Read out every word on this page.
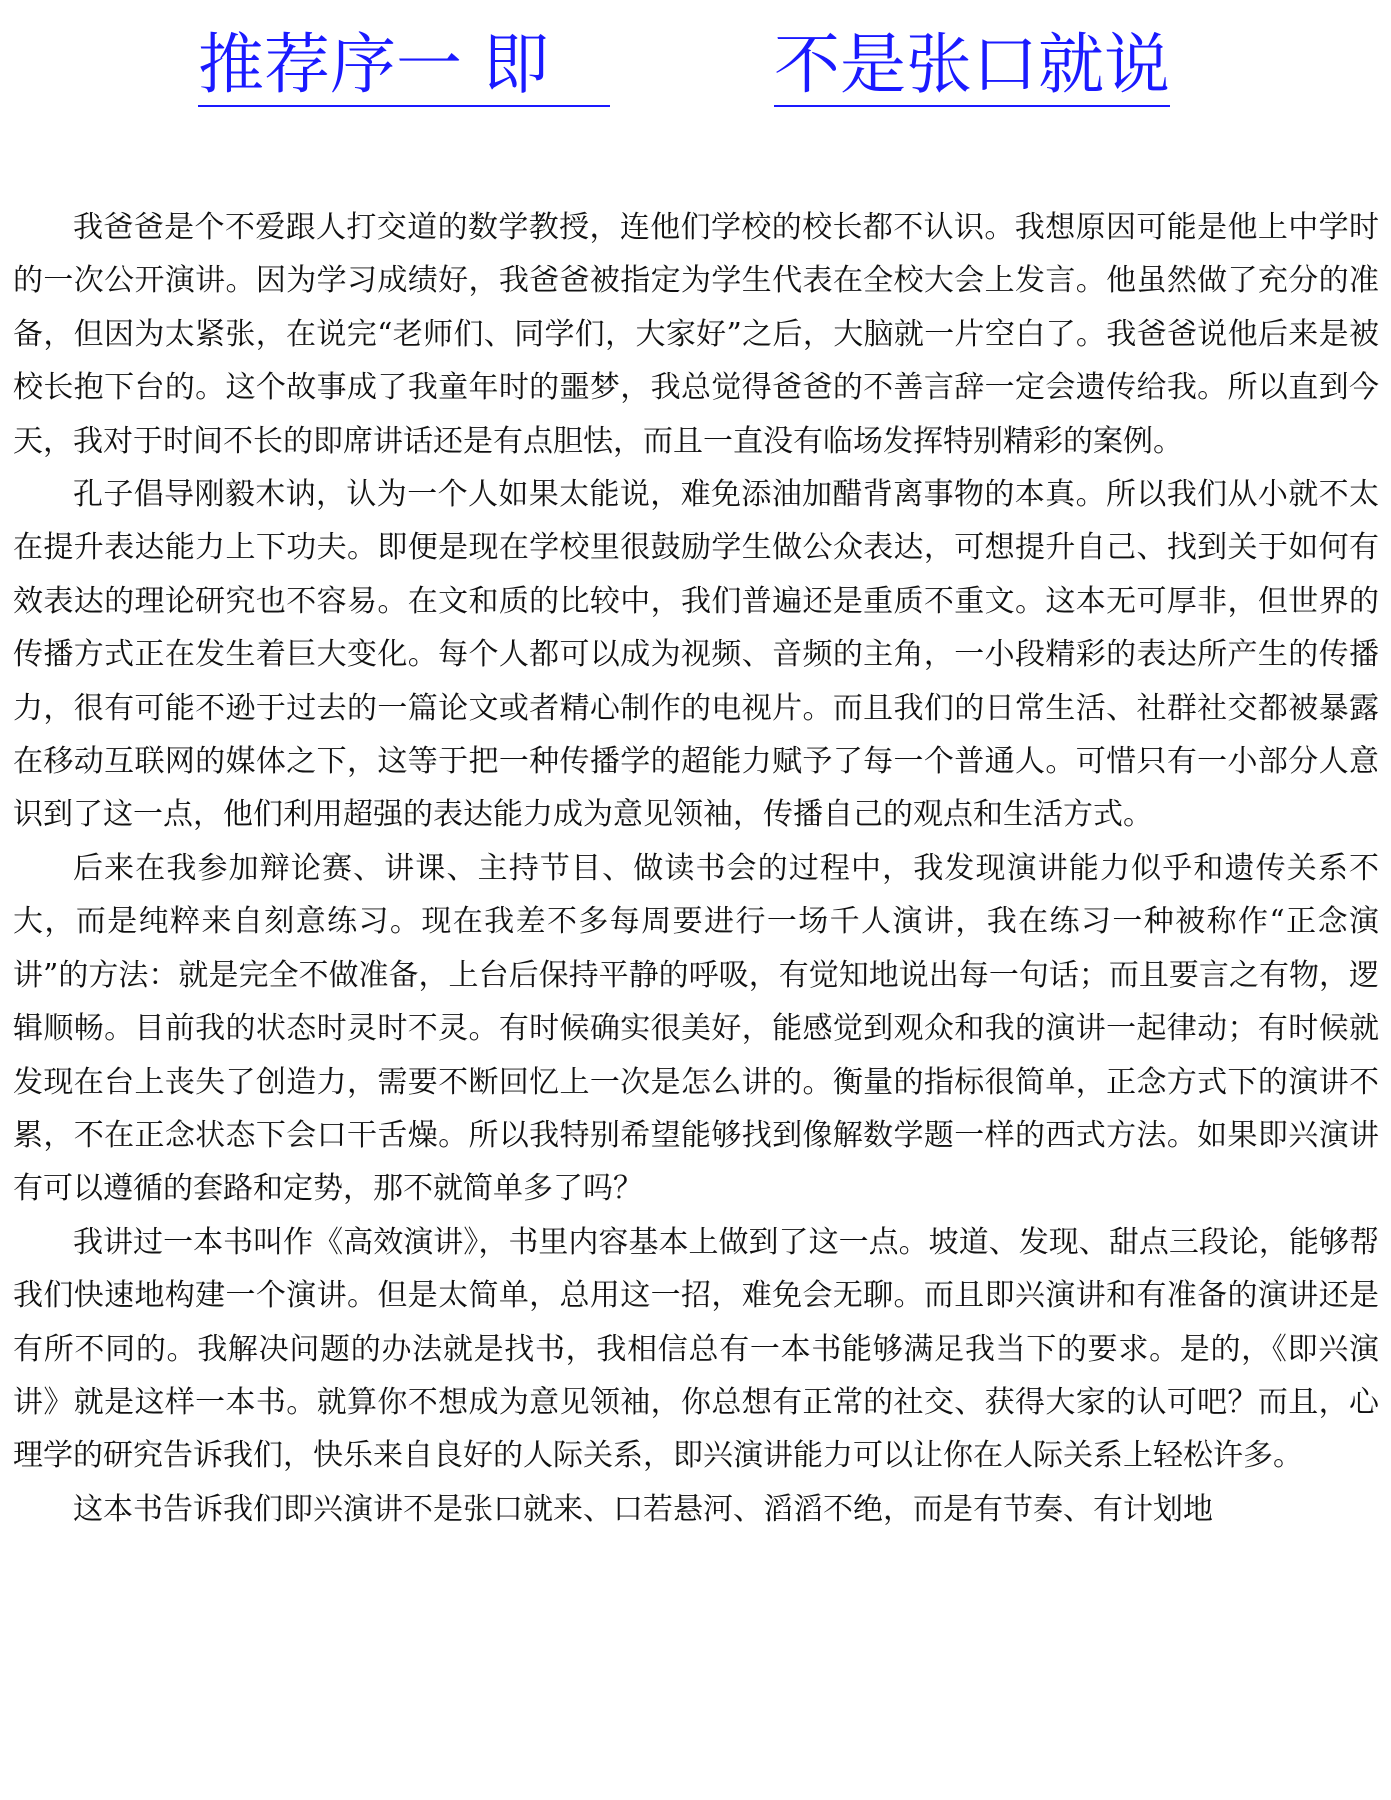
推荐序一 即	不是张口就说

我爸爸是个不爱跟人打交道的数学教授，连他们学校的校长都不认识。我想原因可能是他上中学时的一次公开演讲。因为学习成绩好，我爸爸被指定为学生代表在全校大会上发言。他虽然做了充分的准备，但因为太紧张，在说完“老师们、同学们，大家好”之后，大脑就一片空白了。我爸爸说他后来是被校长抱下台的。这个故事成了我童年时的噩梦，我总觉得爸爸的不善言辞一定会遗传给我。所以直到今天，我对于时间不长的即席讲话还是有点胆怯，而且一直没有临场发挥特别精彩的案例。

孔子倡导刚毅木讷，认为一个人如果太能说，难免添油加醋背离事物的本真。所以我们从小就不太在提升表达能力上下功夫。即便是现在学校里很鼓励学生做公众表达，可想提升自己、找到关于如何有效表达的理论研究也不容易。在文和质的比较中，我们普遍还是重质不重文。这本无可厚非，但世界的传播方式正在发生着巨大变化。每个人都可以成为视频、音频的主角，一小段精彩的表达所产生的传播力，很有可能不逊于过去的一篇论文或者精心制作的电视片。而且我们的日常生活、社群社交都被暴露在移动互联网的媒体之下，这等于把一种传播学的超能力赋予了每一个普通人。可惜只有一小部分人意识到了这一点，他们利用超强的表达能力成为意见领袖，传播自己的观点和生活方式。

后来在我参加辩论赛、讲课、主持节目、做读书会的过程中，我发现演讲能力似乎和遗传关系不大，而是纯粹来自刻意练习。现在我差不多每周要进行一场千人演讲，我在练习一种被称作“正念演讲”的方法：就是完全不做准备，上台后保持平静的呼吸，有觉知地说出每一句话；而且要言之有物，逻辑顺畅。目前我的状态时灵时不灵。有时候确实很美好，能感觉到观众和我的演讲一起律动；有时候就发现在台上丧失了创造力，需要不断回忆上一次是怎么讲的。衡量的指标很简单，正念方式下的演讲不累，不在正念状态下会口干舌燥。所以我特别希望能够找到像解数学题一样的西式方法。如果即兴演讲有可以遵循的套路和定势，那不就简单多了吗？

我讲过一本书叫作《高效演讲》，书里内容基本上做到了这一点。坡道、发现、甜点三段论，能够帮我们快速地构建一个演讲。但是太简单，总用这一招，难免会无聊。而且即兴演讲和有准备的演讲还是有所不同的。我解决问题的办法就是找书，我相信总有一本书能够满足我当下的要求。是的，《即兴演讲》就是这样一本书。就算你不想成为意见领袖，你总想有正常的社交、获得大家的认可吧？而且，心理学的研究告诉我们，快乐来自良好的人际关系，即兴演讲能力可以让你在人际关系上轻松许多。

这本书告诉我们即兴演讲不是张口就来、口若悬河、滔滔不绝，而是有节奏、有计划地
